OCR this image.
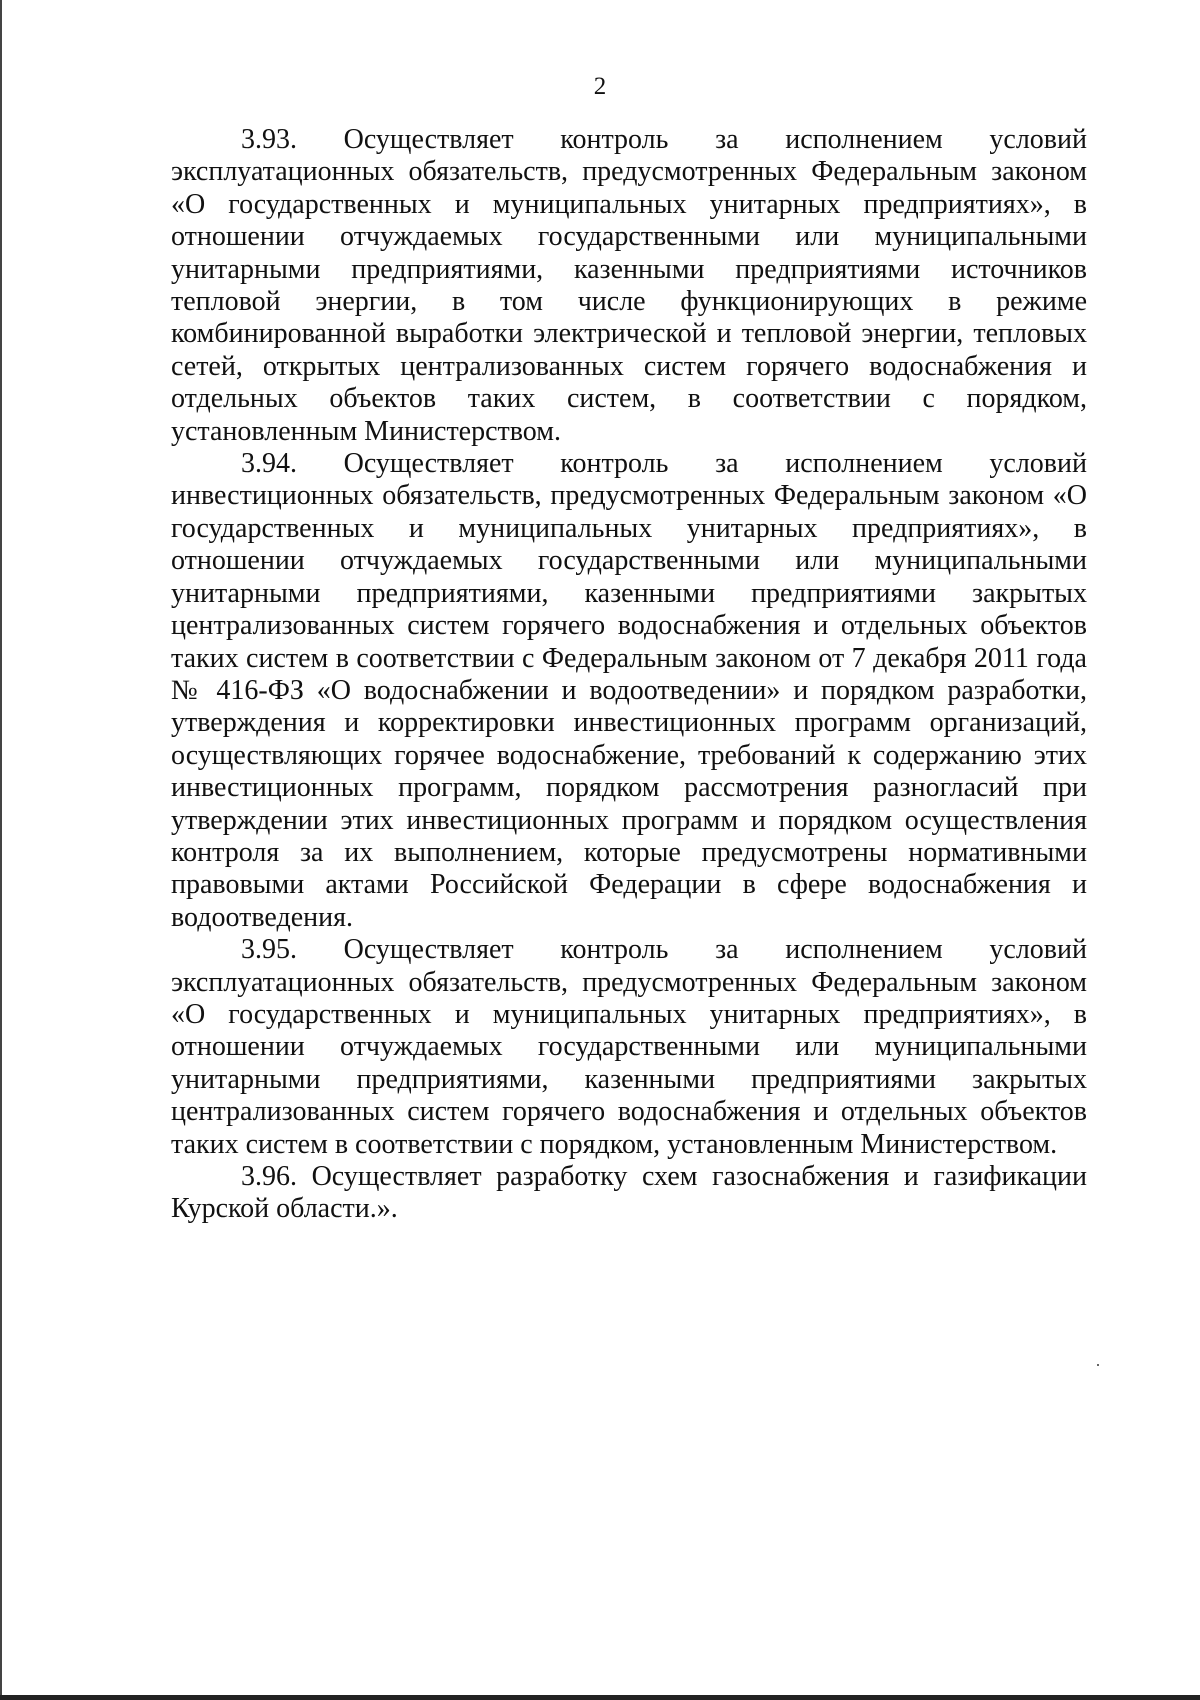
2

3.93. Осуществляет контроль за исполнением условий эксплуатационных обязательств, предусмотренных Федеральным законом «О государственных и муниципальных унитарных предприятиях», в отношении отчуждаемых государственными или муниципальными унитарными предприятиями, казенными предприятиями источников тепловой энергии, в том числе функционирующих в режиме комбинированной выработки электрической и тепловой энергии, тепловых сетей, открытых централизованных систем горячего водоснабжения и отдельных объектов таких систем, в соответствии с порядком, установленным Министерством.

3.94. Осуществляет контроль за исполнением условий инвестиционных обязательств, предусмотренных Федеральным законом «О государственных и муниципальных унитарных предприятиях», в отношении отчуждаемых государственными или муниципальными унитарными предприятиями, казенными предприятиями закрытых централизованных систем горячего водоснабжения и отдельных объектов таких систем в соответствии с Федеральным законом от 7 декабря 2011 года № 416-ФЗ «О водоснабжении и водоотведении» и порядком разработки, утверждения и корректировки инвестиционных программ организаций, осуществляющих горячее водоснабжение, требований к содержанию этих инвестиционных программ, порядком рассмотрения разногласий при утверждении этих инвестиционных программ и порядком осуществления контроля за их выполнением, которые предусмотрены нормативными правовыми актами Российской Федерации в сфере водоснабжения и водоотведения.

3.95. Осуществляет контроль за исполнением условий эксплуатационных обязательств, предусмотренных Федеральным законом «О государственных и муниципальных унитарных предприятиях», в отношении отчуждаемых государственными или муниципальными унитарными предприятиями, казенными предприятиями закрытых централизованных систем горячего водоснабжения и отдельных объектов таких систем в соответствии с порядком, установленным Министерством.

3.96. Осуществляет разработку схем газоснабжения и газификации Курской области.».
